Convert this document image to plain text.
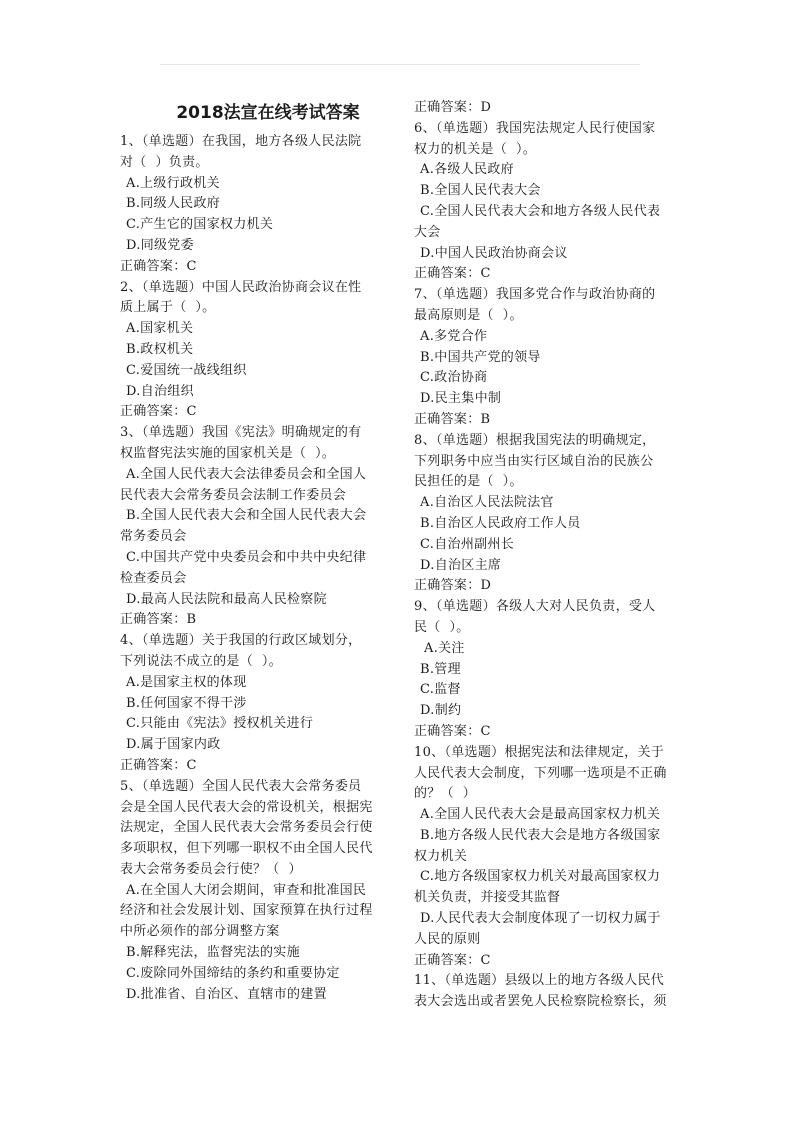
2018法宣在线考试答案
1、（单选题）在我国，地方各级人民法院
对（  ）负责。
A.上级行政机关
B.同级人民政府
C.产生它的国家权力机关
D.同级党委
正确答案：C
2、（单选题）中国人民政治协商会议在性
质上属于（  ）。
A.国家机关
B.政权机关
C.爱国统一战线组织
D.自治组织
正确答案：C
3、（单选题）我国《宪法》明确规定的有
权监督宪法实施的国家机关是（  ）。
A.全国人民代表大会法律委员会和全国人
民代表大会常务委员会法制工作委员会
B.全国人民代表大会和全国人民代表大会
常务委员会
C.中国共产党中央委员会和中共中央纪律
检查委员会
D.最高人民法院和最高人民检察院
正确答案：B
4、（单选题）关于我国的行政区域划分，
下列说法不成立的是（  ）。
A.是国家主权的体现
B.任何国家不得干涉
C.只能由《宪法》授权机关进行
D.属于国家内政
正确答案：C
5、（单选题）全国人民代表大会常务委员
会是全国人民代表大会的常设机关，根据宪
法规定，全国人民代表大会常务委员会行使
多项职权，但下列哪一职权不由全国人民代
表大会常务委员会行使？（  ）
A.在全国人大闭会期间，审查和批准国民
经济和社会发展计划、国家预算在执行过程
中所必须作的部分调整方案
B.解释宪法，监督宪法的实施
C.废除同外国缔结的条约和重要协定
D.批准省、自治区、直辖市的建置
正确答案：D
6、（单选题）我国宪法规定人民行使国家
权力的机关是（  ）。
A.各级人民政府
B.全国人民代表大会
C.全国人民代表大会和地方各级人民代表
大会
D.中国人民政治协商会议
正确答案：C
7、（单选题）我国多党合作与政治协商的
最高原则是（  ）。
A.多党合作
B.中国共产党的领导
C.政治协商
D.民主集中制
正确答案：B
8、（单选题）根据我国宪法的明确规定，
下列职务中应当由实行区域自治的民族公
民担任的是（  ）。
A.自治区人民法院法官
B.自治区人民政府工作人员
C.自治州副州长
D.自治区主席
正确答案：D
9、（单选题）各级人大对人民负责，受人
民（  ）。
A.关注
B.管理
C.监督
D.制约
正确答案：C
10、（单选题）根据宪法和法律规定，关于
人民代表大会制度，下列哪一选项是不正确
的？（  ）
A.全国人民代表大会是最高国家权力机关
B.地方各级人民代表大会是地方各级国家
权力机关
C.地方各级国家权力机关对最高国家权力
机关负责，并接受其监督
D.人民代表大会制度体现了一切权力属于
人民的原则
正确答案：C
11、（单选题）县级以上的地方各级人民代
表大会选出或者罢免人民检察院检察长，须
